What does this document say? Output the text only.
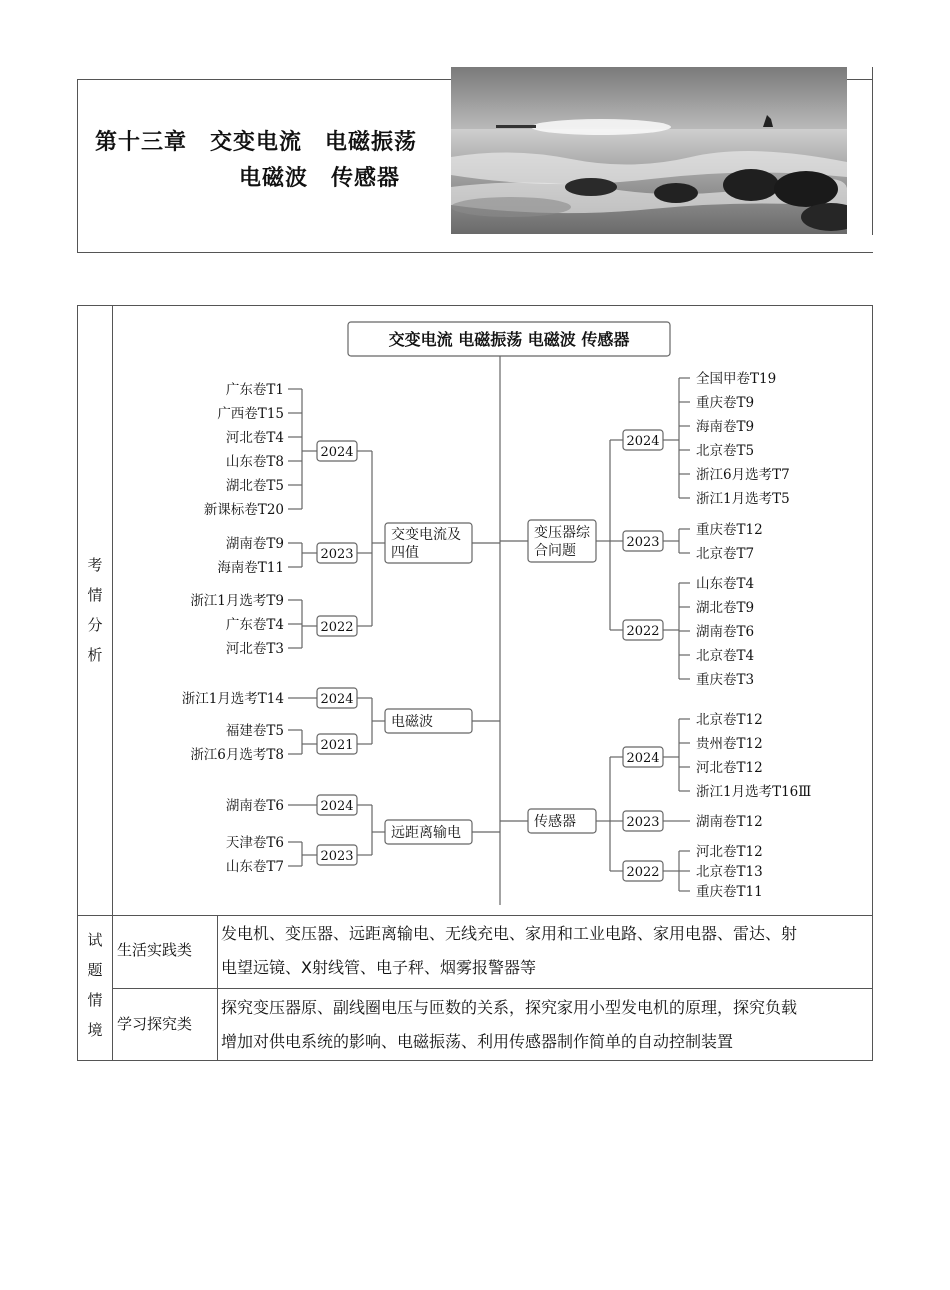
第十三章　交变电流　电磁振荡
电磁波　传感器
考
情
分
析
试
题
情
境
生活实践类
发电机、变压器、远距离输电、无线充电、家用和工业电路、家用电器、雷达、射
电望远镜、X射线管、电子秤、烟雾报警器等
学习探究类
探究变压器原、副线圈电压与匝数的关系，探究家用小型发电机的原理，探究负载
增加对供电系统的影响、电磁振荡、利用传感器制作简单的自动控制装置
交变电流 电磁振荡 电磁波 传感器
交变电流及
四值
2024
广东卷T1
广西卷T15
河北卷T4
山东卷T8
湖北卷T5
新课标卷T20
2023
湖南卷T9
海南卷T11
2022
浙江1月选考T9
广东卷T4
河北卷T3
电磁波
2024
浙江1月选考T14
2021
福建卷T5
浙江6月选考T8
远距离输电
2024
湖南卷T6
2023
天津卷T6
山东卷T7
变压器综
合问题
2024
全国甲卷T19
重庆卷T9
海南卷T9
北京卷T5
浙江6月选考T7
浙江1月选考T5
2023
重庆卷T12
北京卷T7
2022
山东卷T4
湖北卷T9
湖南卷T6
北京卷T4
重庆卷T3
传感器
2024
北京卷T12
贵州卷T12
河北卷T12
浙江1月选考T16Ⅲ
2023	湖南卷T12
2022
河北卷T12
北京卷T13
重庆卷T11
